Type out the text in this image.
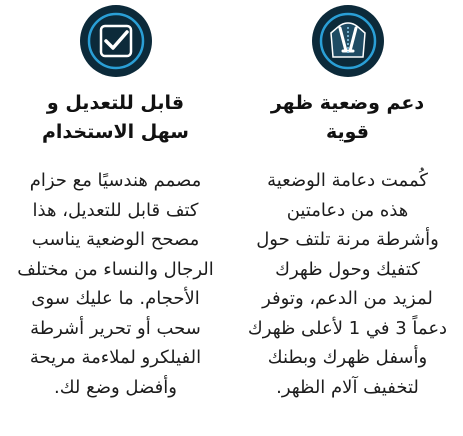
قابل للتعديل و
سهل الاستخدام
مصمم هندسيًا مع حزام
كتف قابل للتعديل، هذا
مصحح الوضعية يناسب
الرجال والنساء من مختلف
الأحجام. ما عليك سوى
سحب أو تحرير أشرطة
الفيلكرو لملاءمة مريحة
وأفضل وضع لك.
دعم وضعية ظهر
قوية
كُممت دعامة الوضعية
هذه من دعامتين
وأشرطة مرنة تلتف حول
كتفيك وحول ظهرك
لمزيد من الدعم، وتوفر
دعماً 3 في 1 لأعلى ظهرك
وأسفل ظهرك وبطنك
لتخفيف آلام الظهر.
